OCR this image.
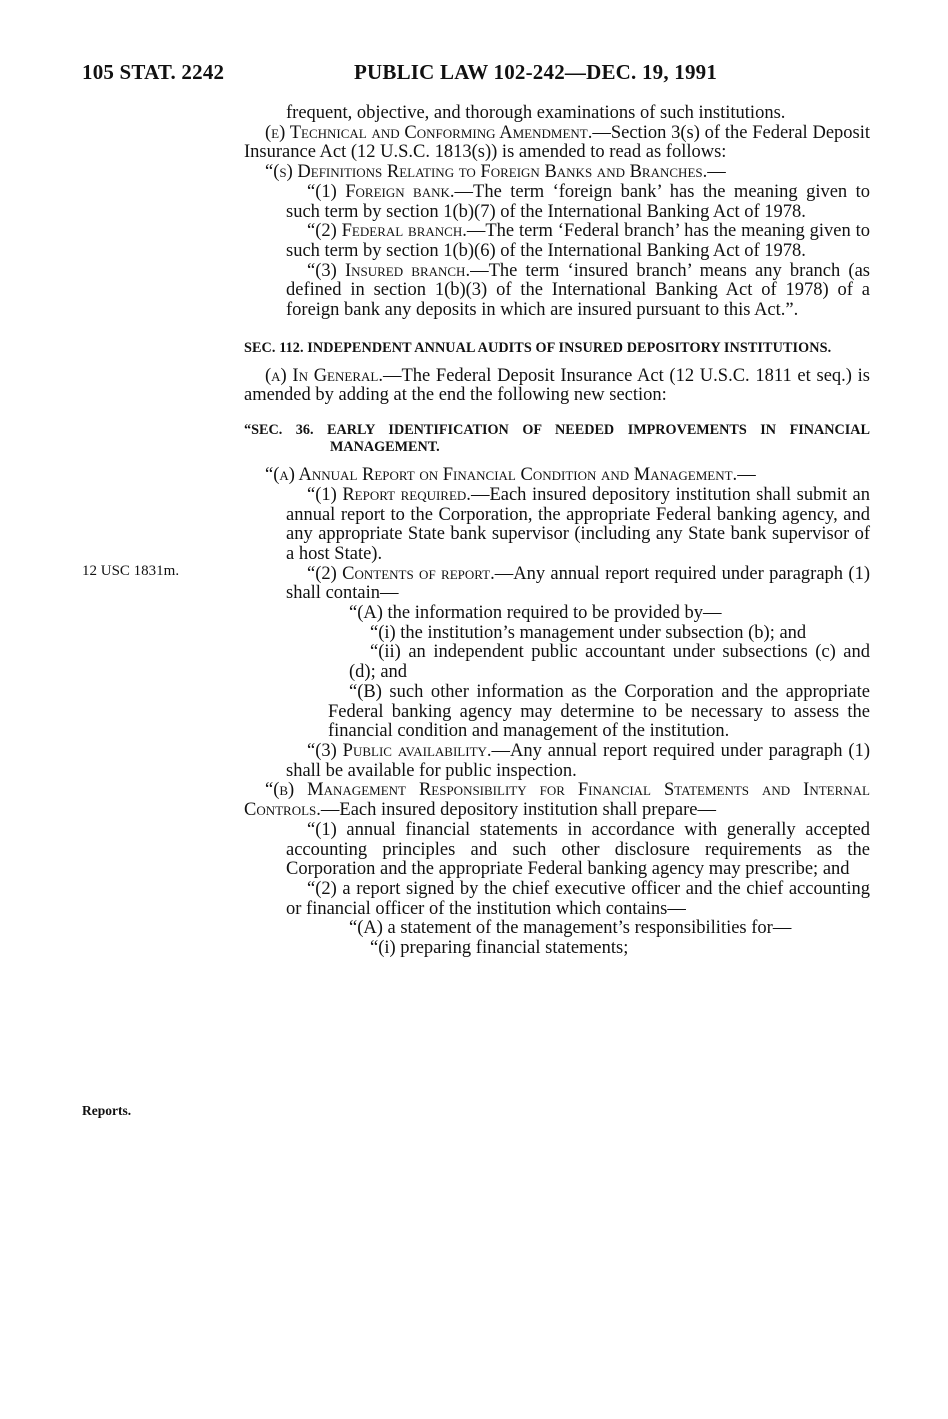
105 STAT. 2242	PUBLIC LAW 102-242—DEC. 19, 1991
12 USC 1831m.
Reports.

frequent, objective, and thorough examinations of such institutions.

(e) Technical and Conforming Amendment.—Section 3(s) of the Federal Deposit Insurance Act (12 U.S.C. 1813(s)) is amended to read as follows:

“(s) Definitions Relating to Foreign Banks and Branches.—

“(1) Foreign bank.—The term ‘foreign bank’ has the meaning given to such term by section 1(b)(7) of the International Banking Act of 1978.

“(2) Federal branch.—The term ‘Federal branch’ has the meaning given to such term by section 1(b)(6) of the International Banking Act of 1978.

“(3) Insured branch.—The term ‘insured branch’ means any branch (as defined in section 1(b)(3) of the International Banking Act of 1978) of a foreign bank any deposits in which are insured pursuant to this Act.”.

SEC. 112. INDEPENDENT ANNUAL AUDITS OF INSURED DEPOSITORY INSTITUTIONS.

(a) In General.—The Federal Deposit Insurance Act (12 U.S.C. 1811 et seq.) is amended by adding at the end the following new section:

“SEC. 36. EARLY IDENTIFICATION OF NEEDED IMPROVEMENTS IN FINANCIAL MANAGEMENT.

“(a) Annual Report on Financial Condition and Management.—

“(1) Report required.—Each insured depository institution shall submit an annual report to the Corporation, the appropriate Federal banking agency, and any appropriate State bank supervisor (including any State bank supervisor of a host State).

“(2) Contents of report.—Any annual report required under paragraph (1) shall contain—

“(A) the information required to be provided by—

“(i) the institution’s management under subsection (b); and

“(ii) an independent public accountant under subsections (c) and (d); and

“(B) such other information as the Corporation and the appropriate Federal banking agency may determine to be necessary to assess the financial condition and management of the institution.

“(3) Public availability.—Any annual report required under paragraph (1) shall be available for public inspection.

“(b) Management Responsibility for Financial Statements and Internal Controls.—Each insured depository institution shall prepare—

“(1) annual financial statements in accordance with generally accepted accounting principles and such other disclosure requirements as the Corporation and the appropriate Federal banking agency may prescribe; and

“(2) a report signed by the chief executive officer and the chief accounting or financial officer of the institution which contains—

“(A) a statement of the management’s responsibilities for—

“(i) preparing financial statements;
